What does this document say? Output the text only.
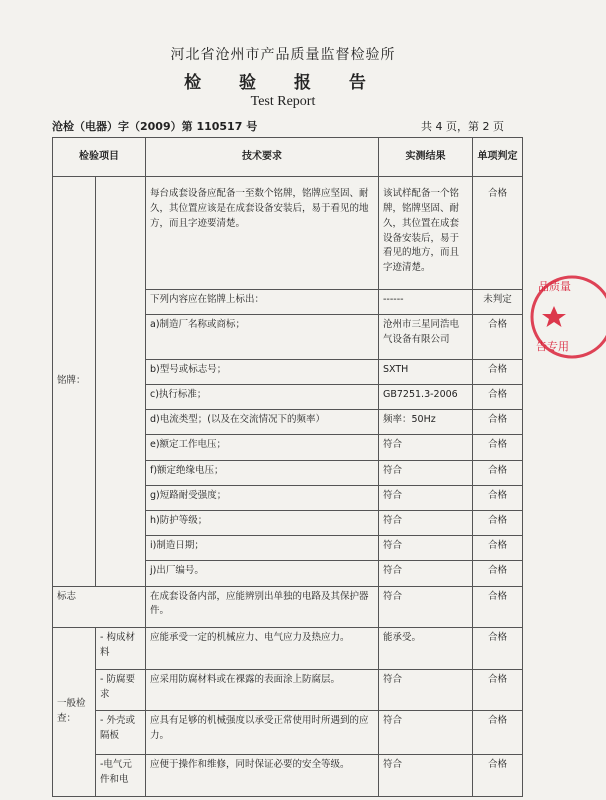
河北省沧州市产品质量监督检验所
检 验 报 告
Test Report
沧检（电器）字（2009）第 110517 号	共 4 页，第 2 页
检验项目		技术要求	实测结果	单项判定
铭牌：		每台成套设备应配备一至数个铭牌，铭牌应坚固、耐久，其位置应该是在成套设备安装后，易于看见的地方，而且字迹要清楚。	该试样配备一个铭牌，铭牌坚固、耐久，其位置在成套设备安装后，易于看见的地方，而且字迹清楚。	合格
		下列内容应在铭牌上标出：	------	未判定
		a)制造厂名称或商标；	沧州市三星同浩电气设备有限公司	合格
		b)型号或标志号；	SXTH	合格
		c)执行标准；	GB7251.3-2006	合格
		d)电流类型；(以及在交流情况下的频率）	频率：50Hz	合格
		e)额定工作电压；	符合	合格
		f)额定绝缘电压；	符合	合格
		g)短路耐受强度；	符合	合格
		h)防护等级；	符合	合格
		i)制造日期；	符合	合格
		j)出厂编号。	符合	合格
标志		在成套设备内部，应能辨别出单独的电路及其保护器件。	符合	合格
一般检查：	- 构成材料	应能承受一定的机械应力、电气应力及热应力。	能承受。	合格
	- 防腐要求	应采用防腐材料或在裸露的表面涂上防腐层。	符合	合格
	- 外壳或隔板	应具有足够的机械强度以承受正常使用时所遇到的应力。	符合	合格
	-电气元件和电	应便于操作和维修，同时保证必要的安全等级。	符合	合格
品质量
告专用
